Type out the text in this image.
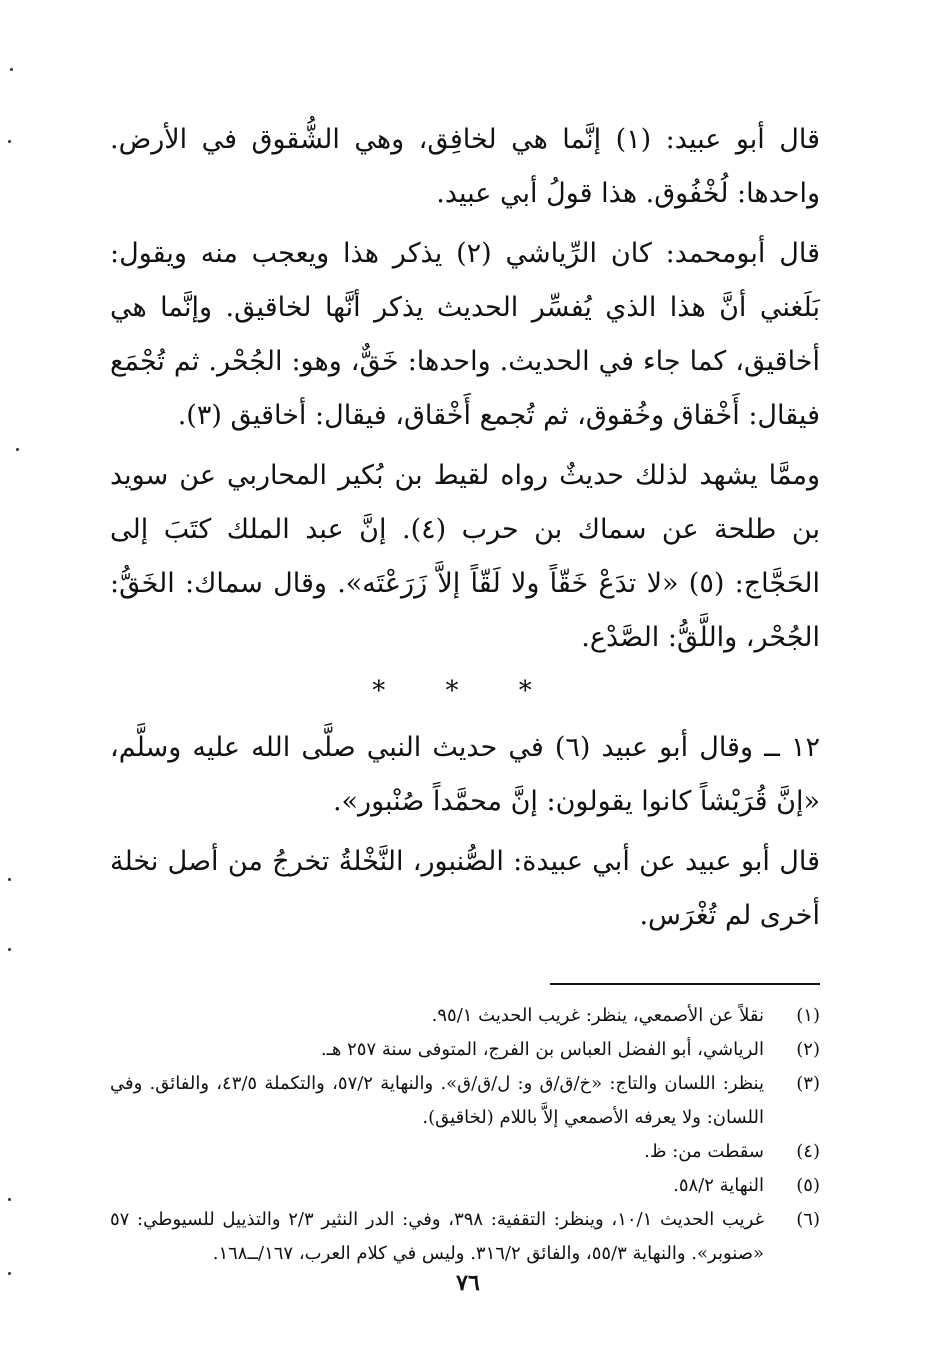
قال أبو عبيد: (١) إنَّما هي لخافِق، وهي الشُّقوق في الأرض. واحدها: لُخْفُوق. هذا قولُ أبي عبيد.

قال أبومحمد: كان الرِّياشي (٢) يذكر هذا ويعجب منه ويقول: بَلَغني أنَّ هذا الذي يُفسِّر الحديث يذكر أنَّها لخاقيق. وإنَّما هي أخاقيق، كما جاء في الحديث. واحدها: خَقٌّ، وهو: الجُحْر. ثم تُجْمَع فيقال: أَخْقاق وخُقوق، ثم تُجمع أَخْقاق، فيقال: أخاقيق (٣).

وممَّا يشهد لذلك حديثٌ رواه لقيط بن بُكير المحاربي عن سويد بن طلحة عن سماك بن حرب (٤). إنَّ عبد الملك كتَبَ إلى الحَجَّاج: (٥) «لا تدَعْ خَقّاً ولا لَقّاً إلاَّ زَرَعْتَه». وقال سماك: الخَقُّ: الجُحْر، واللَّقُّ: الصَّدْع.

* * *

١٢ ــ وقال أبو عبيد (٦) في حديث النبي صلَّى الله عليه وسلَّم، «إنَّ قُرَيْشاً كانوا يقولون: إنَّ محمَّداً صُنْبور».

قال أبو عبيد عن أبي عبيدة: الصُّنبور، النَّخْلةُ تخرجُ من أصل نخلة أخرى لم تُغْرَس.

(١)
نقلاً عن الأصمعي، ينظر: غريب الحديث ٩٥/١.
(٢)
الرياشي، أبو الفضل العباس بن الفرج، المتوفى سنة ٢٥٧ هـ.
(٣)
ينظر: اللسان والتاج: «خ/ق/ق و: ل/ق/ق». والنهاية ٥٧/٢، والتكملة ٤٣/٥، والفائق. وفي اللسان: ولا يعرفه الأصمعي إلاَّ باللام (لخاقيق).
(٤)
سقطت من: ظ.
(٥)
النهاية ٥٨/٢.
(٦)
غريب الحديث ١٠/١، وينظر: التقفية: ٣٩٨، وفي: الدر النثير ٢/٣ والتذييل للسيوطي: ٥٧ «صنوبر». والنهاية ٥٥/٣، والفائق ٣١٦/٢. وليس في كلام العرب، ١٦٧/ــ١٦٨.
٧٦
